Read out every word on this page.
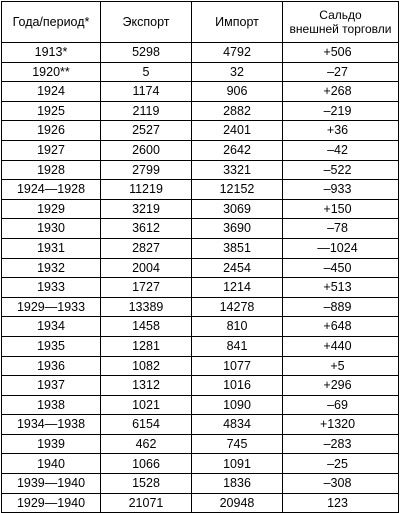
Года/период*	Экспорт	Импорт	Сальдо
внешней торговли
1913*	5298	4792	+506
1920**	5	32	–27
1924	1174	906	+268
1925	2119	2882	–219
1926	2527	2401	+36
1927	2600	2642	–42
1928	2799	3321	–522
1924—1928	11219	12152	–933
1929	3219	3069	+150
1930	3612	3690	–78
1931	2827	3851	—1024
1932	2004	2454	–450
1933	1727	1214	+513
1929—1933	13389	14278	–889
1934	1458	810	+648
1935	1281	841	+440
1936	1082	1077	+5
1937	1312	1016	+296
1938	1021	1090	–69
1934—1938	6154	4834	+1320
1939	462	745	–283
1940	1066	1091	–25
1939—1940	1528	1836	–308
1929—1940	21071	20948	123
